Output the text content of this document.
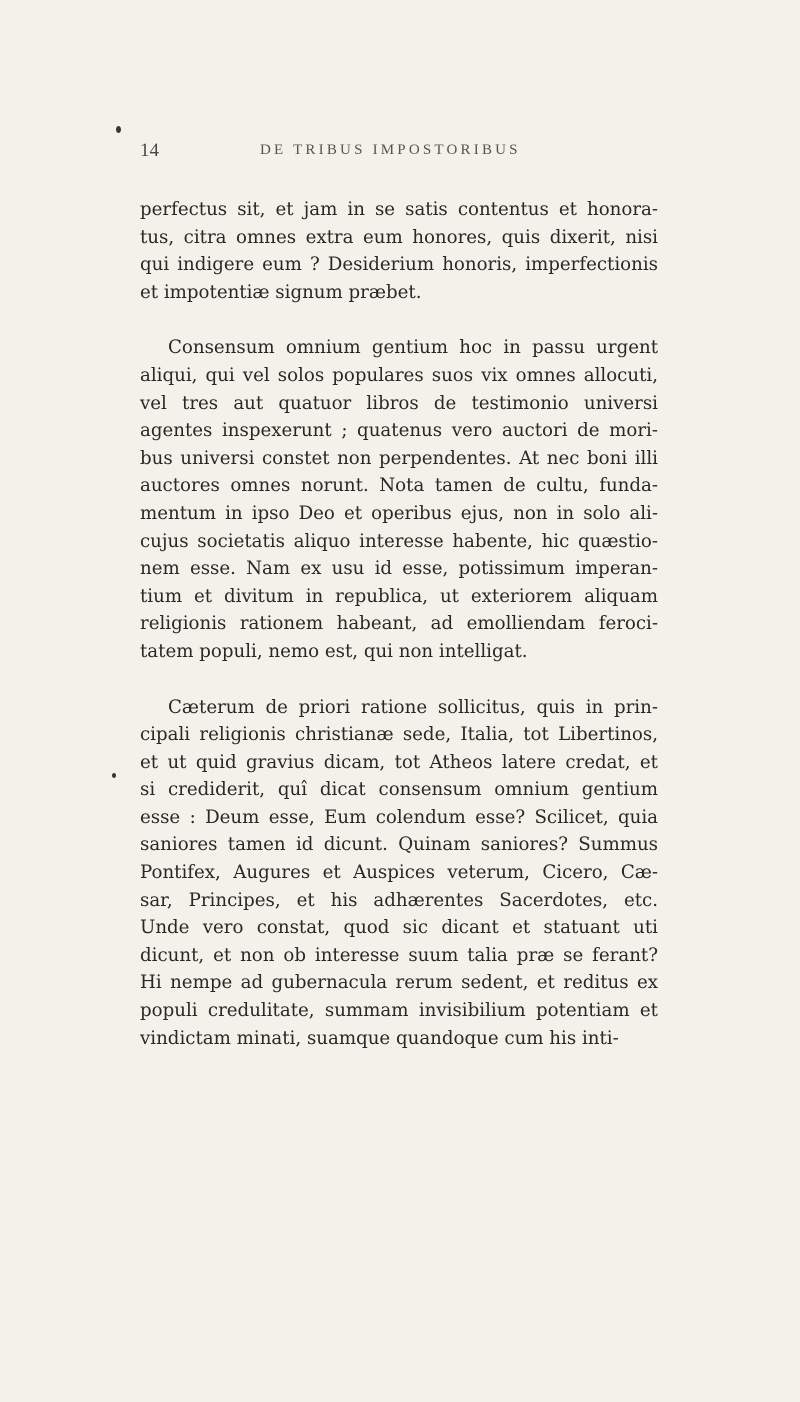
14	DE TRIBUS IMPOSTORIBUS
perfectus sit, et jam in se satis contentus et honora-
tus, citra omnes extra eum honores, quis dixerit, nisi
qui indigere eum ? Desiderium honoris, imperfectionis
et impotentiæ signum præbet.
Consensum omnium gentium hoc in passu urgent
aliqui, qui vel solos populares suos vix omnes allocuti,
vel tres aut quatuor libros de testimonio universi
agentes inspexerunt ; quatenus vero auctori de mori-
bus universi constet non perpendentes. At nec boni illi
auctores omnes norunt. Nota tamen de cultu, funda-
mentum in ipso Deo et operibus ejus, non in solo ali-
cujus societatis aliquo interesse habente, hic quæstio-
nem esse. Nam ex usu id esse, potissimum imperan-
tium et divitum in republica, ut exteriorem aliquam
religionis rationem habeant, ad emolliendam feroci-
tatem populi, nemo est, qui non intelligat.
Cæterum de priori ratione sollicitus, quis in prin-
cipali religionis christianæ sede, Italia, tot Libertinos,
et ut quid gravius dicam, tot Atheos latere credat, et
si crediderit, quî dicat consensum omnium gentium
esse : Deum esse, Eum colendum esse? Scilicet, quia
saniores tamen id dicunt. Quinam saniores? Summus
Pontifex, Augures et Auspices veterum, Cicero, Cæ-
sar, Principes, et his adhærentes Sacerdotes, etc.
Unde vero constat, quod sic dicant et statuant uti
dicunt, et non ob interesse suum talia præ se ferant?
Hi nempe ad gubernacula rerum sedent, et reditus ex
populi credulitate, summam invisibilium potentiam et
vindictam minati, suamque quandoque cum his inti-
